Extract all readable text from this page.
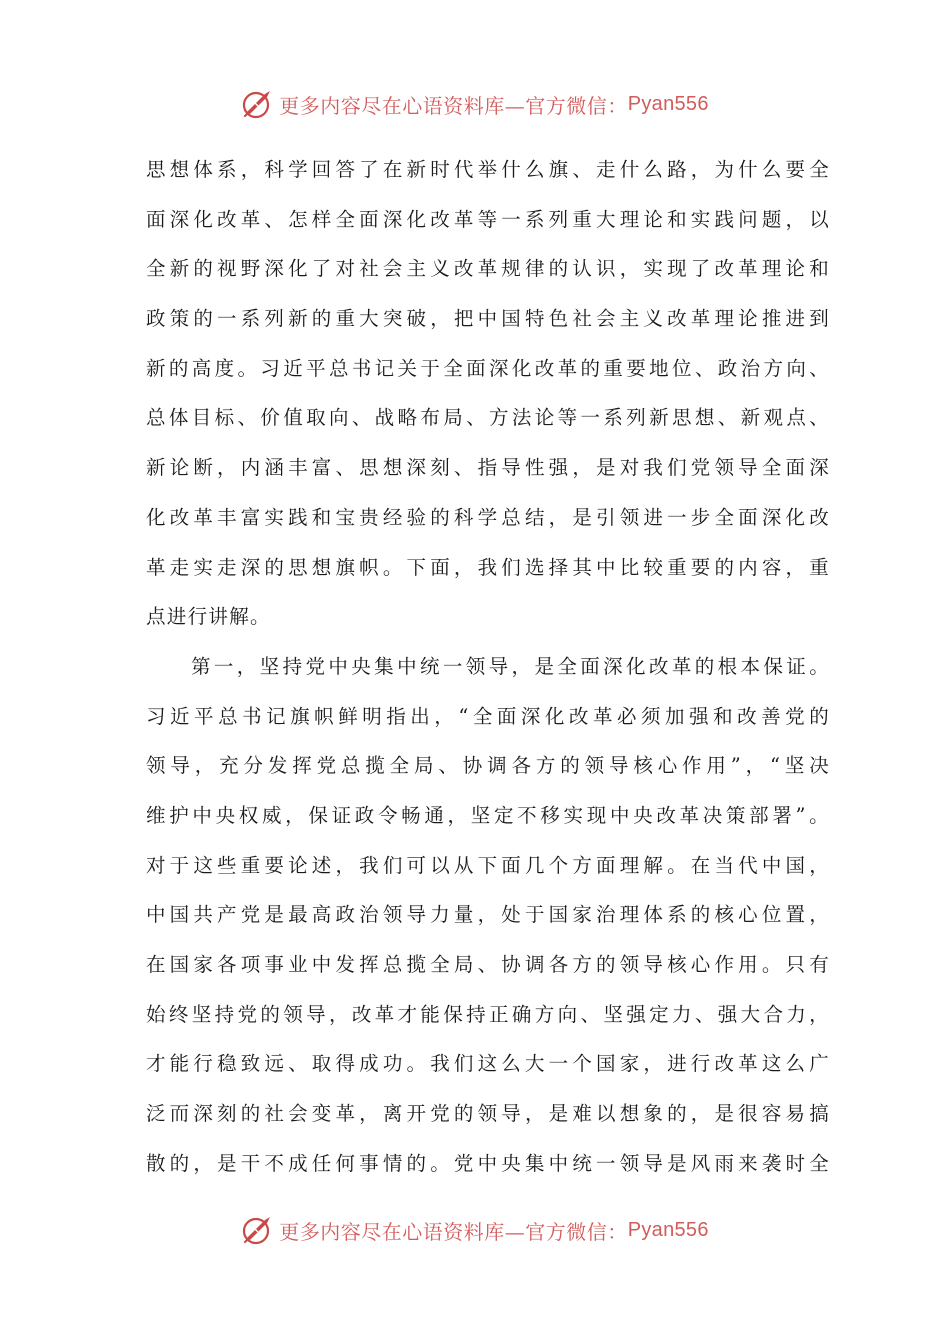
更多内容尽在心语资料库—官方微信： Pyan556
思想体系，科学回答了在新时代举什么旗、走什么路，为什么要全
面深化改革、怎样全面深化改革等一系列重大理论和实践问题，以
全新的视野深化了对社会主义改革规律的认识，实现了改革理论和
政策的一系列新的重大突破，把中国特色社会主义改革理论推进到
新的高度。习近平总书记关于全面深化改革的重要地位、政治方向、
总体目标、价值取向、战略布局、方法论等一系列新思想、新观点、
新论断，内涵丰富、思想深刻、指导性强，是对我们党领导全面深
化改革丰富实践和宝贵经验的科学总结，是引领进一步全面深化改
革走实走深的思想旗帜。下面，我们选择其中比较重要的内容，重
点进行讲解。
第一，坚持党中央集中统一领导，是全面深化改革的根本保证。
习近平总书记旗帜鲜明指出，“全面深化改革必须加强和改善党的
领导，充分发挥党总揽全局、协调各方的领导核心作用”，“坚决
维护中央权威，保证政令畅通，坚定不移实现中央改革决策部署”。
对于这些重要论述，我们可以从下面几个方面理解。在当代中国，
中国共产党是最高政治领导力量，处于国家治理体系的核心位置，
在国家各项事业中发挥总揽全局、协调各方的领导核心作用。只有
始终坚持党的领导，改革才能保持正确方向、坚强定力、强大合力，
才能行稳致远、取得成功。我们这么大一个国家，进行改革这么广
泛而深刻的社会变革，离开党的领导，是难以想象的，是很容易搞
散的，是干不成任何事情的。党中央集中统一领导是风雨来袭时全
更多内容尽在心语资料库—官方微信： Pyan556
